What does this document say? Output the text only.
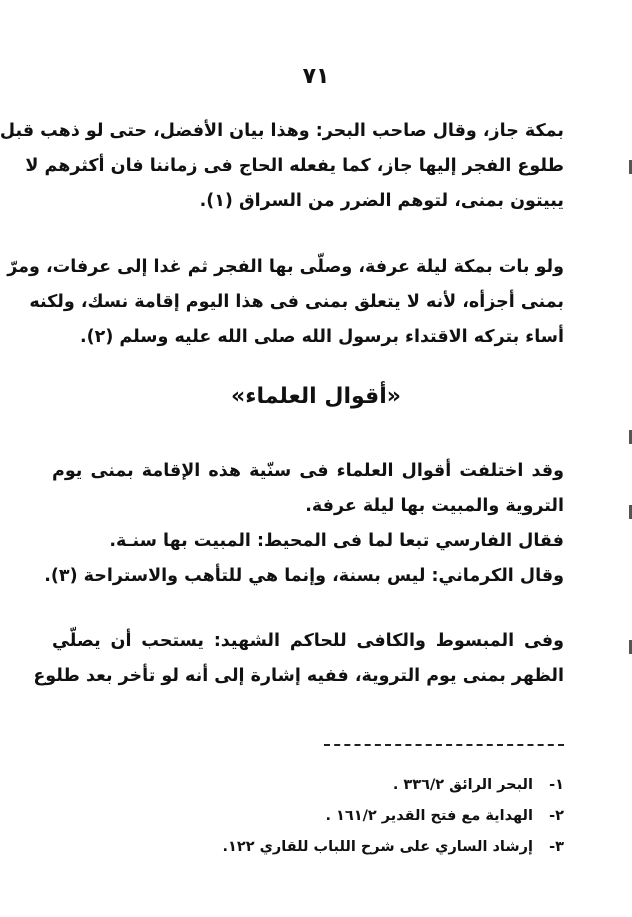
٧١
بمكة جاز، وقال صاحب البحر: وهذا بيان الأفضل، حتى لو ذهب قبل
طلوع الفجر إليها جاز، كما يفعله الحاج فى زماننا فان أكثرهم لا
يبيتون بمنى، لتوهم الضرر من السراق (١).
ولو بات بمكة ليلة عرفة، وصلّى بها الفجر ثم غدا إلى عرفات، ومرّ
بمنى أجزأه، لأنه لا يتعلق بمنى فى هذا اليوم إقامة نسك، ولكنه
أساء بتركه الاقتداء برسول الله صلى الله عليه وسلم (٢).
«أقوال العلماء»
وقد اختلفت أقوال العلماء فى سنّية هذه الإقامة بمنى يوم
التروية والمبيت بها ليلة عرفة.
فقال الفارسي تبعا لما فى المحيط: المبيت بها سنـة.
وقال الكرماني: ليس بسنة، وإنما هي للتأهب والاستراحة (٣).
وفى المبسوط والكافى للحاكم الشهيد: يستحب أن يصلّي
الظهر بمنى يوم التروية، ففيه إشارة إلى أنه لو تأخر بعد طلوع
١- البحر الرائق ٣٣٦/٢ .
٢- الهداية مع فتح القدير ١٦١/٢ .
٣- إرشاد الساري على شرح اللباب للقاري ١٢٢.
